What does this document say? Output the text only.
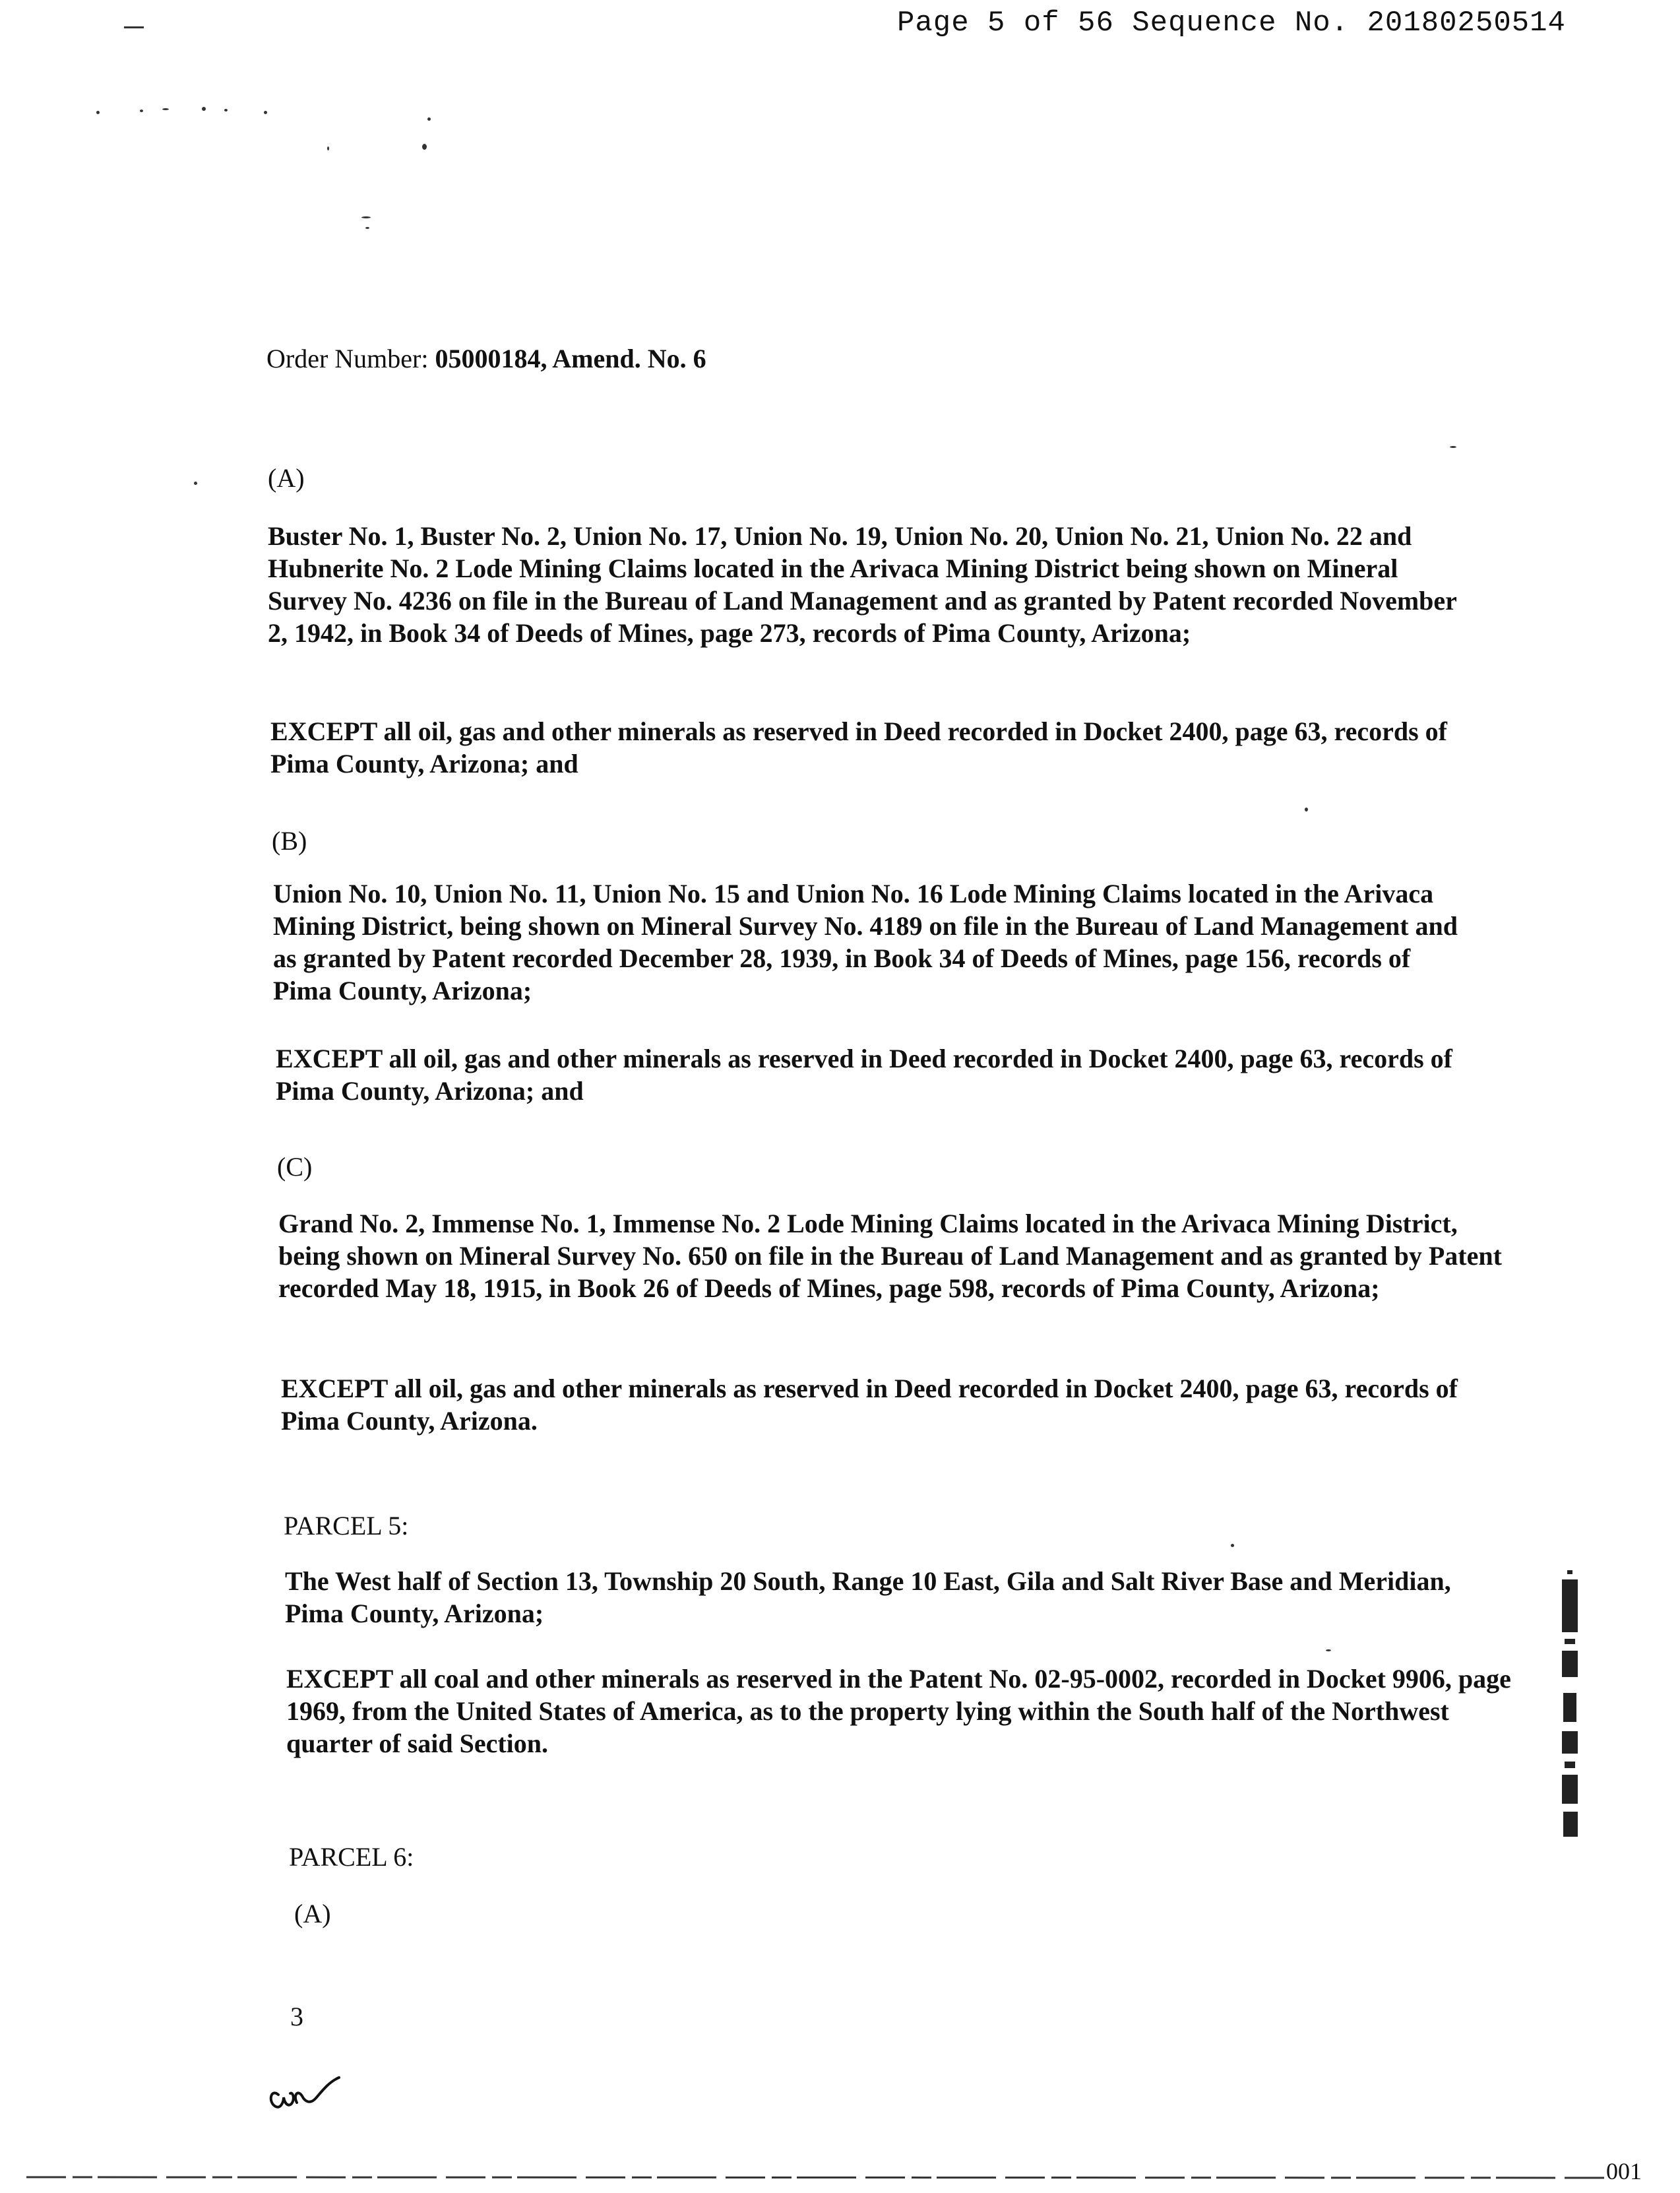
Page 5 of 56 Sequence No. 20180250514
Order Number: 05000184, Amend. No. 6
(A)
Buster No. 1, Buster No. 2, Union No. 17, Union No. 19, Union No. 20, Union No. 21, Union No. 22 and Hubnerite No. 2 Lode Mining Claims located in the Arivaca Mining District being shown on Mineral Survey No. 4236 on file in the Bureau of Land Management and as granted by Patent recorded November 2, 1942, in Book 34 of Deeds of Mines, page 273, records of Pima County, Arizona;
EXCEPT all oil, gas and other minerals as reserved in Deed recorded in Docket 2400, page 63, records of Pima County, Arizona; and
(B)
Union No. 10, Union No. 11, Union No. 15 and Union No. 16 Lode Mining Claims located in the Arivaca Mining District, being shown on Mineral Survey No. 4189 on file in the Bureau of Land Management and as granted by Patent recorded December 28, 1939, in Book 34 of Deeds of Mines, page 156, records of Pima County, Arizona;
EXCEPT all oil, gas and other minerals as reserved in Deed recorded in Docket 2400, page 63, records of Pima County, Arizona; and
(C)
Grand No. 2, Immense No. 1, Immense No. 2 Lode Mining Claims located in the Arivaca Mining District, being shown on Mineral Survey No. 650 on file in the Bureau of Land Management and as granted by Patent recorded May 18, 1915, in Book 26 of Deeds of Mines, page 598, records of Pima County, Arizona;
EXCEPT all oil, gas and other minerals as reserved in Deed recorded in Docket 2400, page 63, records of Pima County, Arizona.
PARCEL 5:
The West half of Section 13, Township 20 South, Range 10 East, Gila and Salt River Base and Meridian, Pima County, Arizona;
EXCEPT all coal and other minerals as reserved in the Patent No. 02-95-0002, recorded in Docket 9906, page 1969, from the United States of America, as to the property lying within the South half of the Northwest quarter of said Section.
PARCEL 6:
(A)
3
001
